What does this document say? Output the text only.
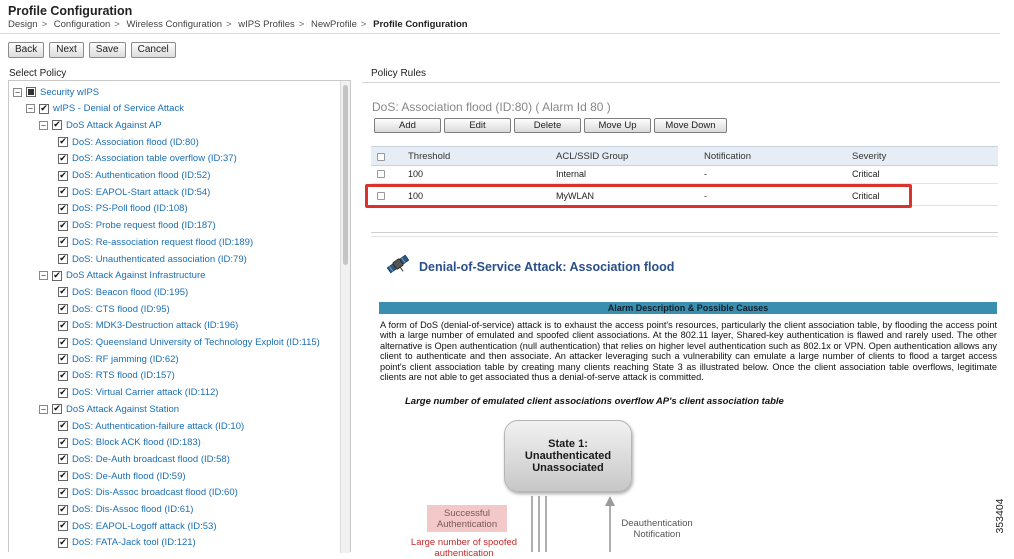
Profile Configuration
Design > Configuration > Wireless Configuration > wIPS Profiles > NewProfile > Profile Configuration
Back	Next	Save	Cancel
Select Policy
− Security wIPS
− ✔ wIPS - Denial of Service Attack
− ✔ DoS Attack Against AP
✔ DoS: Association flood (ID:80)
✔ DoS: Association table overflow (ID:37)
✔ DoS: Authentication flood (ID:52)
✔ DoS: EAPOL-Start attack (ID:54)
✔ DoS: PS-Poll flood (ID:108)
✔ DoS: Probe request flood (ID:187)
✔ DoS: Re-association request flood (ID:189)
✔ DoS: Unauthenticated association (ID:79)
− ✔ DoS Attack Against Infrastructure
✔ DoS: Beacon flood (ID:195)
✔ DoS: CTS flood (ID:95)
✔ DoS: MDK3-Destruction attack (ID:196)
✔ DoS: Queensland University of Technology Exploit (ID:115)
✔ DoS: RF jamming (ID:62)
✔ DoS: RTS flood (ID:157)
✔ DoS: Virtual Carrier attack (ID:112)
− ✔ DoS Attack Against Station
✔ DoS: Authentication-failure attack (ID:10)
✔ DoS: Block ACK flood (ID:183)
✔ DoS: De-Auth broadcast flood (ID:58)
✔ DoS: De-Auth flood (ID:59)
✔ DoS: Dis-Assoc broadcast flood (ID:60)
✔ DoS: Dis-Assoc flood (ID:61)
✔ DoS: EAPOL-Logoff attack (ID:53)
✔ DoS: FATA-Jack tool (ID:121)
Policy Rules
DoS: Association flood (ID:80) ( Alarm Id 80 )
Add	Edit	Delete	Move Up	Move Down
Threshold	ACL/SSID Group	Notification	Severity
100	Internal	-	Critical
100	MyWLAN	-	Critical
Denial-of-Service Attack: Association flood
Alarm Description & Possible Causes
A form of DoS (denial-of-service) attack is to exhaust the access point's resources, particularly the client association table, by flooding the access point with a large number of emulated and spoofed client associations. At the 802.11 layer, Shared-key authentication is flawed and rarely used. The other alternative is Open authentication (null authentication) that relies on higher level authentication such as 802.1x or VPN. Open authentication allows any client to authenticate and then associate. An attacker leveraging such a vulnerability can emulate a large number of clients to flood a target access point's client association table by creating many clients reaching State 3 as illustrated below. Once the client association table overflows, legitimate clients are not able to get associated thus a denial-of-serve attack is committed.
Large number of emulated client associations overflow AP's client association table
State 1:
Unauthenticated
Unassociated
Successful
Authentication
Large number of spoofed
authentication
Deauthentication
Notification
353404
